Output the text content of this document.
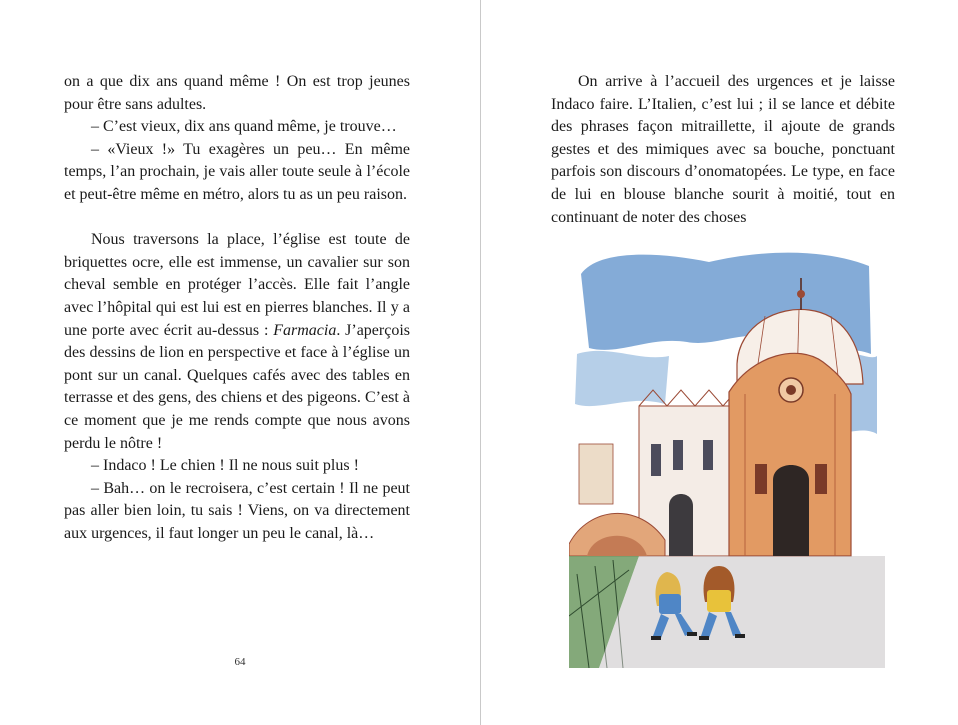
on a que dix ans quand même ! On est trop jeunes pour être sans adultes.

– C’est vieux, dix ans quand même, je trouve…

– «Vieux !» Tu exagères un peu… En même temps, l’an prochain, je vais aller toute seule à l’école et peut-être même en métro, alors tu as un peu raison.

Nous traversons la place, l’église est toute de briquettes ocre, elle est immense, un cavalier sur son cheval semble en protéger l’accès. Elle fait l’angle avec l’hôpital qui est lui est en pierres blanches. Il y a une porte avec écrit au-dessus : Farmacia. J’aperçois des dessins de lion en perspective et face à l’église un pont sur un canal. Quelques cafés avec des tables en terrasse et des gens, des chiens et des pigeons. C’est à ce moment que je me rends compte que nous avons perdu le nôtre !

– Indaco ! Le chien ! Il ne nous suit plus !

– Bah… on le recroisera, c’est certain ! Il ne peut pas aller bien loin, tu sais ! Viens, on va directement aux urgences, il faut longer un peu le canal, là…

64

On arrive à l’accueil des urgences et je laisse Indaco faire. L’Italien, c’est lui ; il se lance et débite des phrases façon mitraillette, il ajoute de grands gestes et des mimiques avec sa bouche, ponctuant parfois son discours d’onomatopées. Le type, en face de lui en blouse blanche sourit à moitié, tout en continuant de noter des choses
